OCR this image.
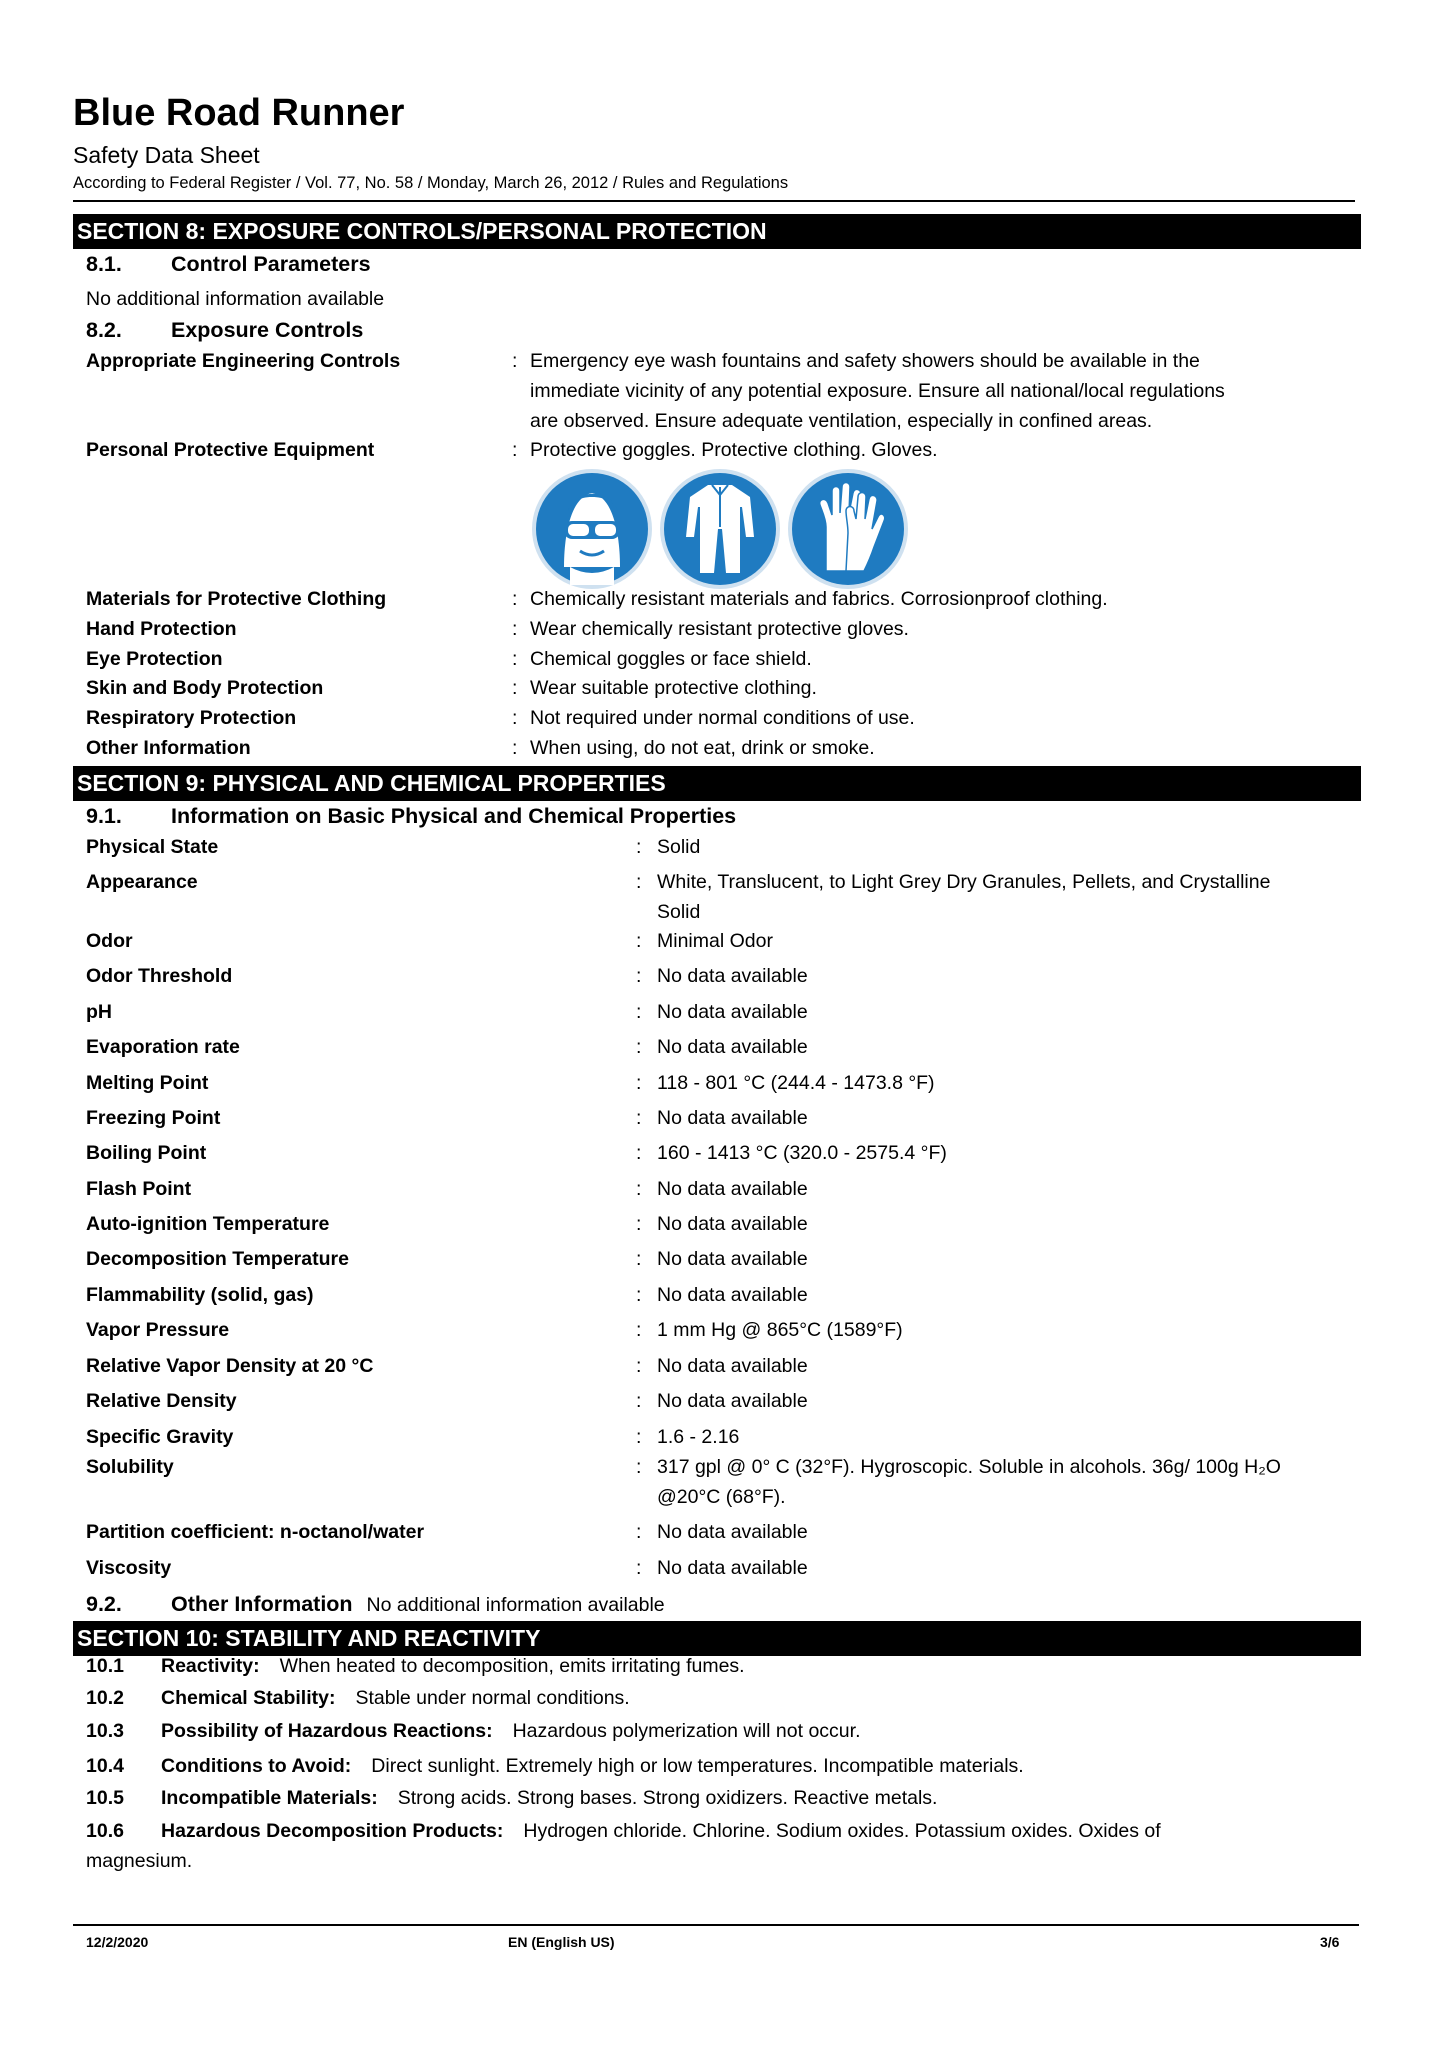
Blue Road Runner
Safety Data Sheet
According to Federal Register / Vol. 77, No. 58 / Monday, March 26, 2012 / Rules and Regulations
SECTION 8: EXPOSURE CONTROLS/PERSONAL PROTECTION
8.1. Control Parameters
No additional information available
8.2. Exposure Controls
Appropriate Engineering Controls	: Emergency eye wash fountains and safety showers should be available in the
immediate vicinity of any potential exposure. Ensure all national/local regulations
are observed. Ensure adequate ventilation, especially in confined areas.
Personal Protective Equipment	: Protective goggles. Protective clothing. Gloves.
Materials for Protective Clothing	: Chemically resistant materials and fabrics. Corrosionproof clothing.
Hand Protection	: Wear chemically resistant protective gloves.
Eye Protection	: Chemical goggles or face shield.
Skin and Body Protection	: Wear suitable protective clothing.
Respiratory Protection	: Not required under normal conditions of use.
Other Information	: When using, do not eat, drink or smoke.
SECTION 9: PHYSICAL AND CHEMICAL PROPERTIES
9.1. Information on Basic Physical and Chemical Properties
Physical State	: Solid
Appearance	: White, Translucent, to Light Grey Dry Granules, Pellets, and Crystalline
Solid
Odor	: Minimal Odor
Odor Threshold	: No data available
pH	: No data available
Evaporation rate	: No data available
Melting Point	: 118 - 801 °C (244.4 - 1473.8 °F)
Freezing Point	: No data available
Boiling Point	: 160 - 1413 °C (320.0 - 2575.4 °F)
Flash Point	: No data available
Auto-ignition Temperature	: No data available
Decomposition Temperature	: No data available
Flammability (solid, gas)	: No data available
Vapor Pressure	: 1 mm Hg @ 865°C (1589°F)
Relative Vapor Density at 20 °C	: No data available
Relative Density	: No data available
Specific Gravity	: 1.6 - 2.16
Solubility	: 317 gpl @ 0° C (32°F). Hygroscopic. Soluble in alcohols. 36g/ 100g H₂O
@20°C (68°F).
Partition coefficient: n-octanol/water	: No data available
Viscosity	: No data available
9.2. Other Information No additional information available
SECTION 10: STABILITY AND REACTIVITY
10.1 Reactivity: When heated to decomposition, emits irritating fumes.
10.2 Chemical Stability: Stable under normal conditions.
10.3 Possibility of Hazardous Reactions: Hazardous polymerization will not occur.
10.4 Conditions to Avoid: Direct sunlight. Extremely high or low temperatures. Incompatible materials.
10.5 Incompatible Materials: Strong acids. Strong bases. Strong oxidizers. Reactive metals.
10.6 Hazardous Decomposition Products: Hydrogen chloride. Chlorine. Sodium oxides. Potassium oxides. Oxides of
magnesium.
12/2/2020	EN (English US)	3/6
